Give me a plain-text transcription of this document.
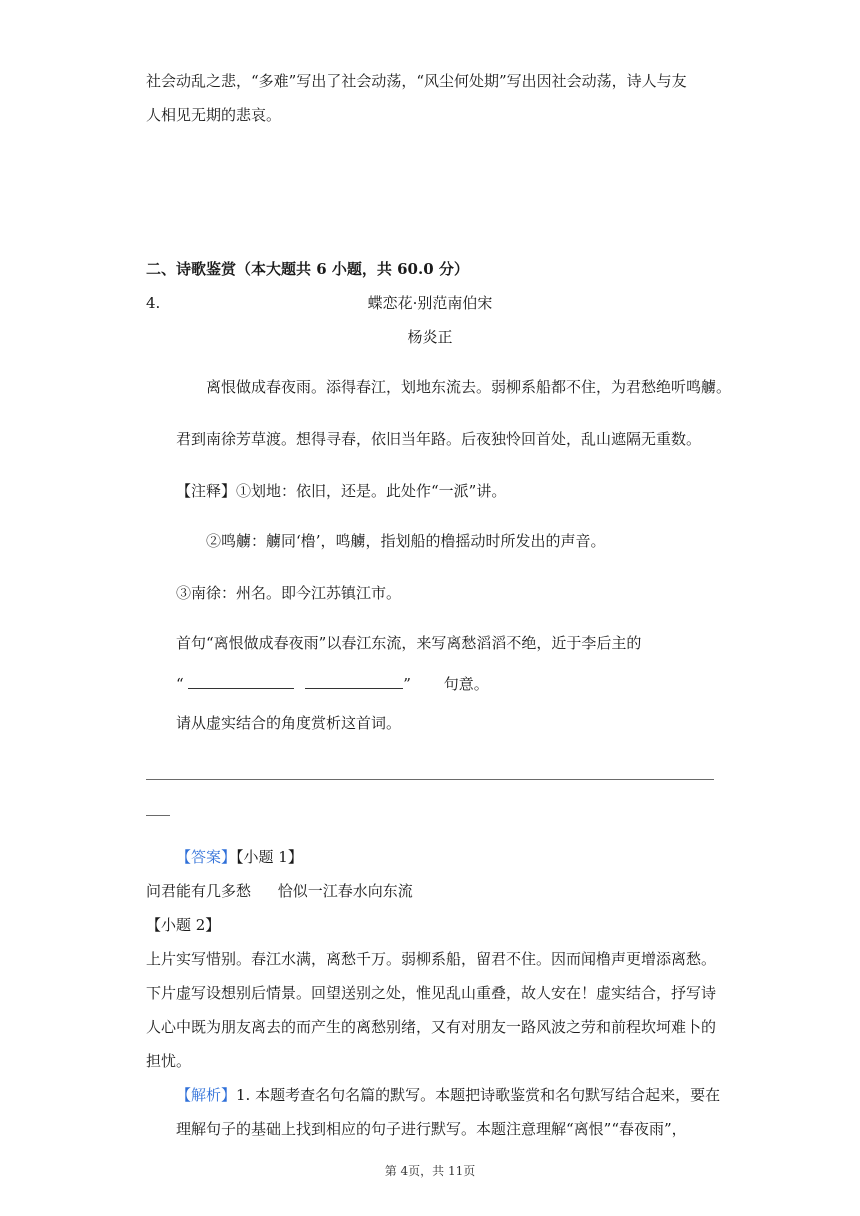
社会动乱之悲，“多难”写出了社会动荡，“风尘何处期”写出因社会动荡，诗人与友
人相见无期的悲哀。
二、诗歌鉴赏（本大题共 6 小题，共 60.0 分）
4.	蝶恋花·别范南伯宋
杨炎正
离恨做成春夜雨。添得春江，划地东流去。弱柳系船都不住，为君愁绝听鸣艣。
君到南徐芳草渡。想得寻春，依旧当年路。后夜独怜回首处，乱山遮隔无重数。
【注释】①划地：依旧，还是。此处作“一派”讲。
②鸣艣：艣同‘橹’，鸣艣，指划船的橹摇动时所发出的声音。
③南徐：州名。即今江苏镇江市。
首句“离恨做成春夜雨”以春江东流，来写离愁滔滔不绝，近于李后主的
“	” 句意。
请从虚实结合的角度赏析这首词。
【答案】【小题 1】
问君能有几多愁 恰似一江春水向东流
【小题 2】
上片实写惜别。春江水满，离愁千万。弱柳系船，留君不住。因而闻橹声更增添离愁。
下片虚写设想别后情景。回望送别之处，惟见乱山重叠，故人安在！虚实结合，抒写诗
人心中既为朋友离去的而产生的离愁别绪，又有对朋友一路风波之劳和前程坎坷难卜的
担忧。
【解析】1. 本题考查名句名篇的默写。本题把诗歌鉴赏和名句默写结合起来，要在
理解句子的基础上找到相应的句子进行默写。本题注意理解“离恨”“春夜雨”，
第 4页，共 11页
